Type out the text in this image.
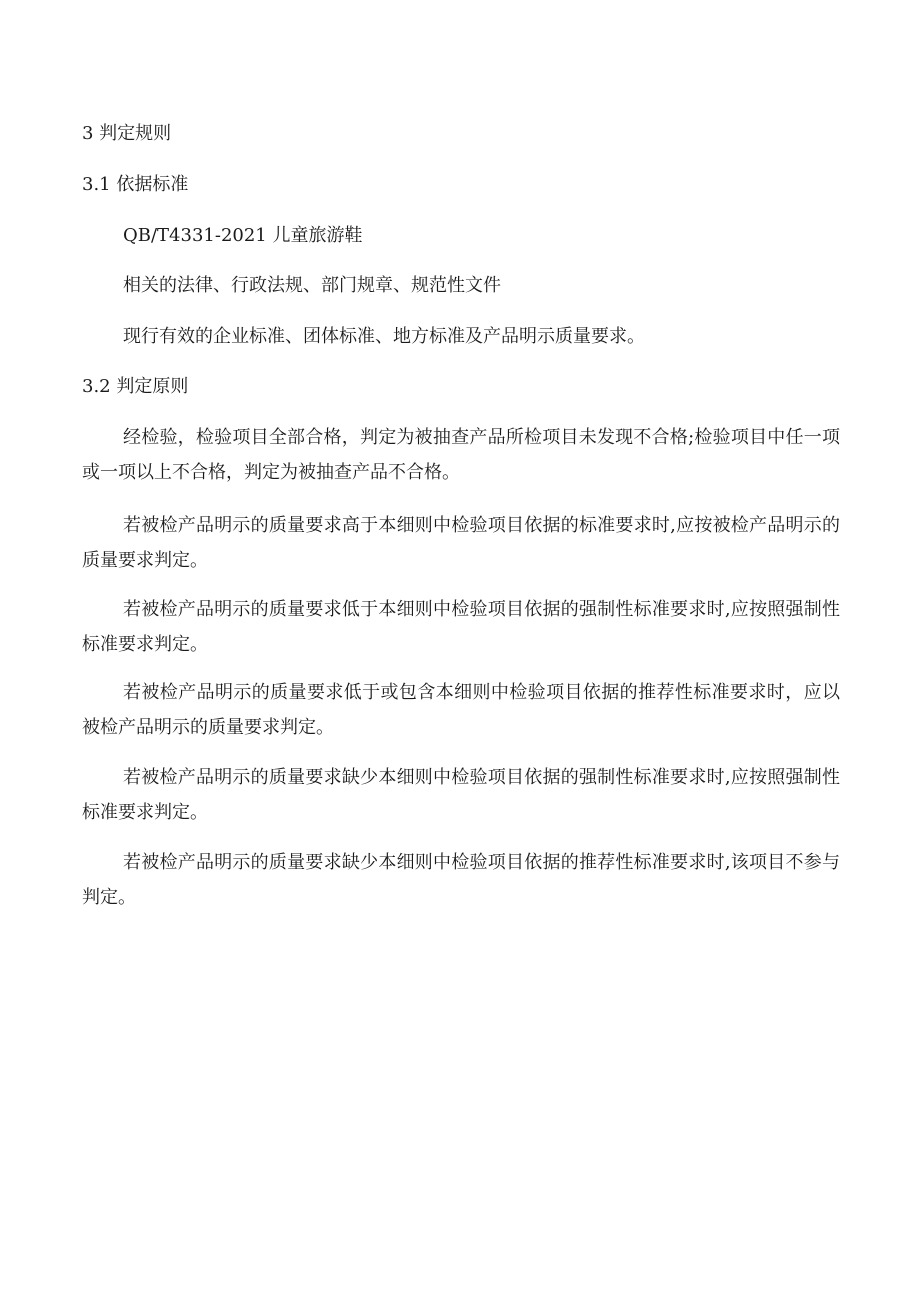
3 判定规则

3.1 依据标准

QB/T4331-2021 儿童旅游鞋

相关的法律、行政法规、部门规章、规范性文件

现行有效的企业标准、团体标准、地方标准及产品明示质量要求。

3.2 判定原则

经检验，检验项目全部合格，判定为被抽查产品所检项目未发现不合格;检验项目中任一项或一项以上不合格，判定为被抽查产品不合格。

若被检产品明示的质量要求高于本细则中检验项目依据的标准要求时,应按被检产品明示的质量要求判定。

若被检产品明示的质量要求低于本细则中检验项目依据的强制性标准要求时,应按照强制性标准要求判定。

若被检产品明示的质量要求低于或包含本细则中检验项目依据的推荐性标准要求时，应以被检产品明示的质量要求判定。

若被检产品明示的质量要求缺少本细则中检验项目依据的强制性标准要求时,应按照强制性标准要求判定。

若被检产品明示的质量要求缺少本细则中检验项目依据的推荐性标准要求时,该项目不参与判定。
